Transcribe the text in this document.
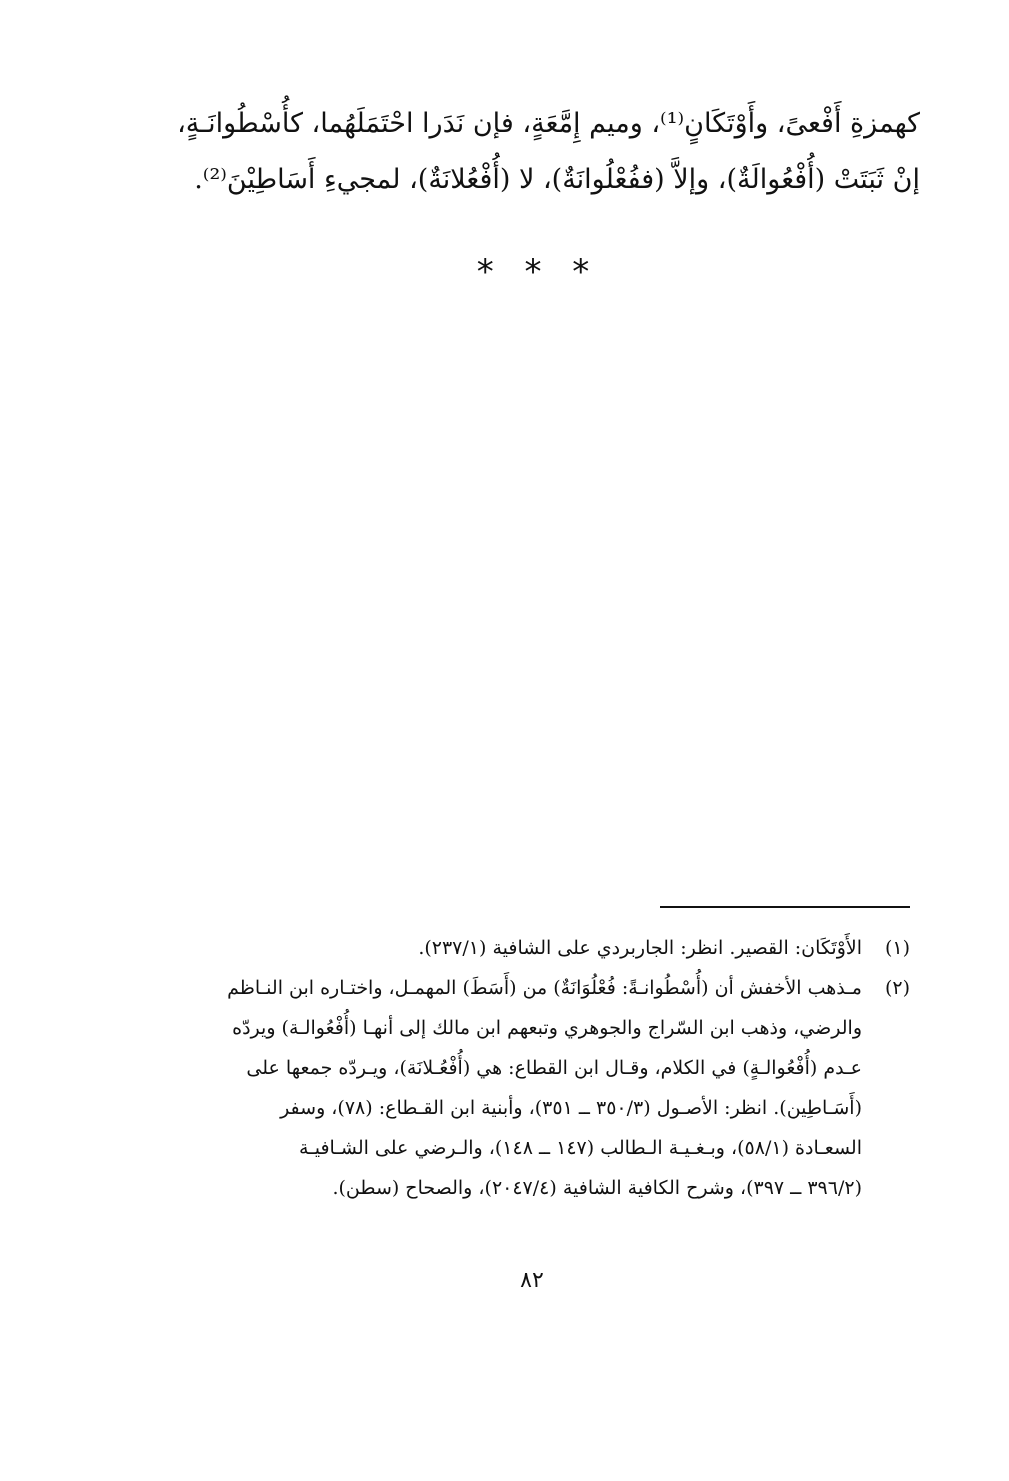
كهمزةِ أَفْعىً، وأَوْتَكَانٍ⁽¹⁾، وميم إِمَّعَةٍ، فإن نَدَرا احْتَمَلَهُما، كأُسْطُوانَـةٍ،
إنْ ثَبَتَتْ (أُفْعُوالَةٌ)، وإلاَّ (ففُعْلُوانَةٌ)، لا (أُفْعُلانَةٌ)، لمجيءِ أَسَاطِيْنَ⁽²⁾.
* * *
(١)
الأَوْتَكَان: القصير. انظر: الجاربردي على الشافية (٢٣٧/١).
(٢)
مـذهب الأخفش أن (أُسْطُوانـةً: فُعْلُوَانَةٌ) من (أَسَطَ) المهمـل، واختـاره ابن النـاظم
والرضي، وذهب ابن السّراج والجوهري وتبعهم ابن مالك إلى أنهـا (أُفْعُوالـة) ويردّه
عـدم (أُفْعُوالـةٍ) في الكلام، وقـال ابن القطاع: هي (أُفْعُـلانَة)، ويـردّه جمعها على
(أَسَـاطِين). انظر: الأصـول (٣٥٠/٣ ــ ٣٥١)، وأبنية ابن القـطاع: (٧٨)، وسفر
السعـادة (٥٨/١)، وبـغـيـة الـطالب (١٤٧ ــ ١٤٨)، والـرضي على الشـافيـة
(٣٩٦/٢ ــ ٣٩٧)، وشرح الكافية الشافية (٢٠٤٧/٤)، والصحاح (سطن).
٨٢
